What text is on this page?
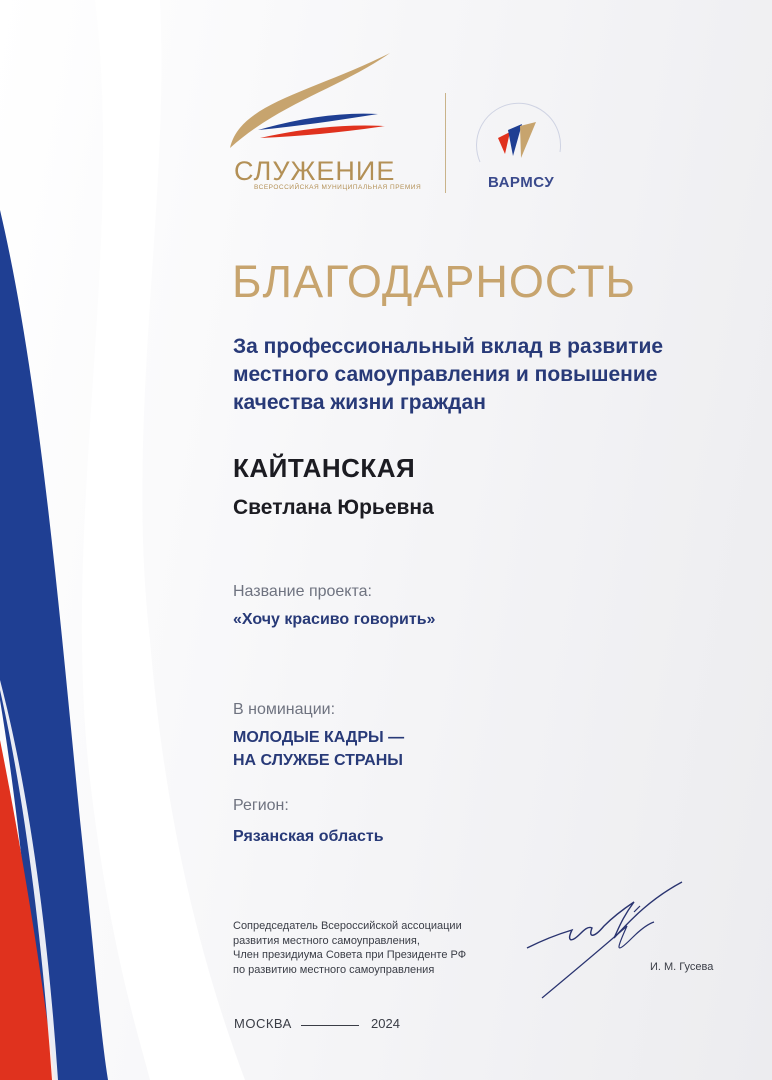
СЛУЖЕНИЕ
ВСЕРОССИЙСКАЯ МУНИЦИПАЛЬНАЯ ПРЕМИЯ	ВАРМСУ
БЛАГОДАРНОСТЬ
За профессиональный вклад в развитие
местного самоуправления и повышение
качества жизни граждан
КАЙТАНСКАЯ
Светлана Юрьевна
Название проекта:
«Хочу красиво говорить»
В номинации:
МОЛОДЫЕ КАДРЫ —
НА СЛУЖБЕ СТРАНЫ
Регион:
Рязанская область
Сопредседатель Всероссийской ассоциации
развития местного самоуправления,
Член президиума Совета при Президенте РФ
по развитию местного самоуправления	И. М. Гусева
МОСКВА	2024
